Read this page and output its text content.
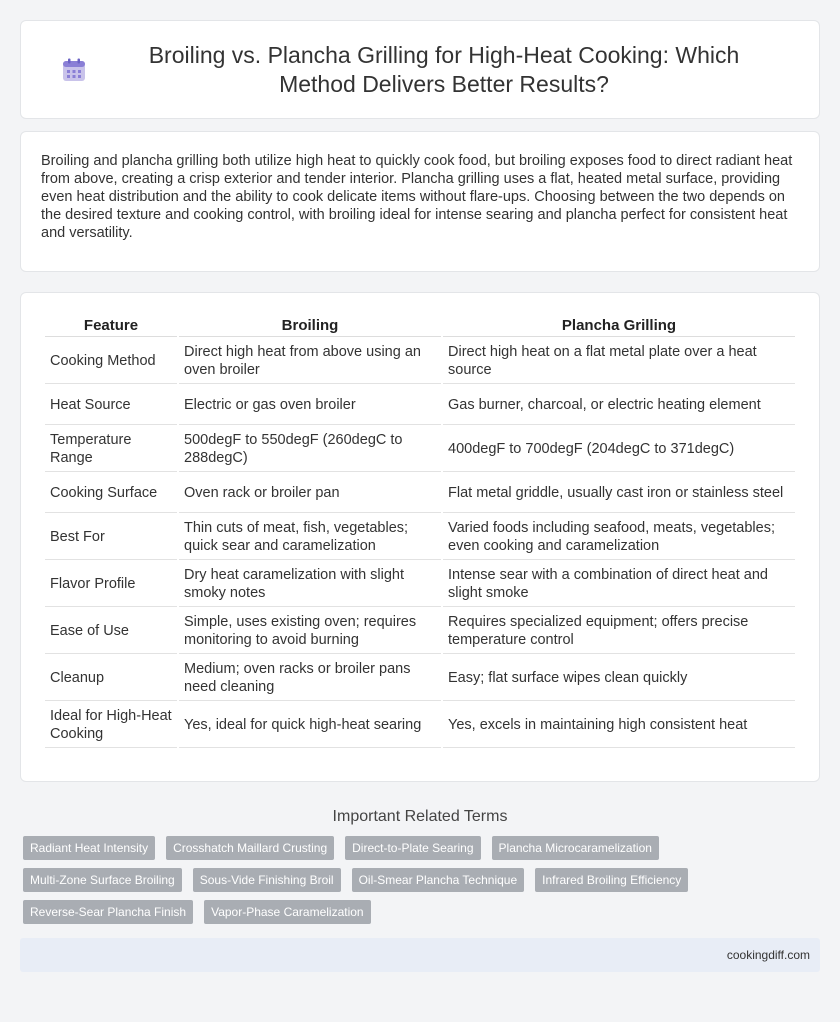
Broiling vs. Plancha Grilling for High-Heat Cooking: Which Method Delivers Better Results?

Broiling and plancha grilling both utilize high heat to quickly cook food, but broiling exposes food to direct radiant heat from above, creating a crisp exterior and tender interior. Plancha grilling uses a flat, heated metal surface, providing even heat distribution and the ability to cook delicate items without flare-ups. Choosing between the two depends on the desired texture and cooking control, with broiling ideal for intense searing and plancha perfect for consistent heat and versatility.

Feature	Broiling	Plancha Grilling
Cooking Method	Direct high heat from above using an oven broiler	Direct high heat on a flat metal plate over a heat source
Heat Source	Electric or gas oven broiler	Gas burner, charcoal, or electric heating element
Temperature Range	500degF to 550degF (260degC to 288degC)	400degF to 700degF (204degC to 371degC)
Cooking Surface	Oven rack or broiler pan	Flat metal griddle, usually cast iron or stainless steel
Best For	Thin cuts of meat, fish, vegetables; quick sear and caramelization	Varied foods including seafood, meats, vegetables; even cooking and caramelization
Flavor Profile	Dry heat caramelization with slight smoky notes	Intense sear with a combination of direct heat and slight smoke
Ease of Use	Simple, uses existing oven; requires monitoring to avoid burning	Requires specialized equipment; offers precise temperature control
Cleanup	Medium; oven racks or broiler pans need cleaning	Easy; flat surface wipes clean quickly
Ideal for High-Heat Cooking	Yes, ideal for quick high-heat searing	Yes, excels in maintaining high consistent heat
Important Related Terms
Radiant Heat Intensity	Crosshatch Maillard Crusting	Direct-to-Plate Searing	Plancha Microcaramelization
Multi-Zone Surface Broiling	Sous-Vide Finishing Broil	Oil-Smear Plancha Technique	Infrared Broiling Efficiency
Reverse-Sear Plancha Finish	Vapor-Phase Caramelization
cookingdiff.com
